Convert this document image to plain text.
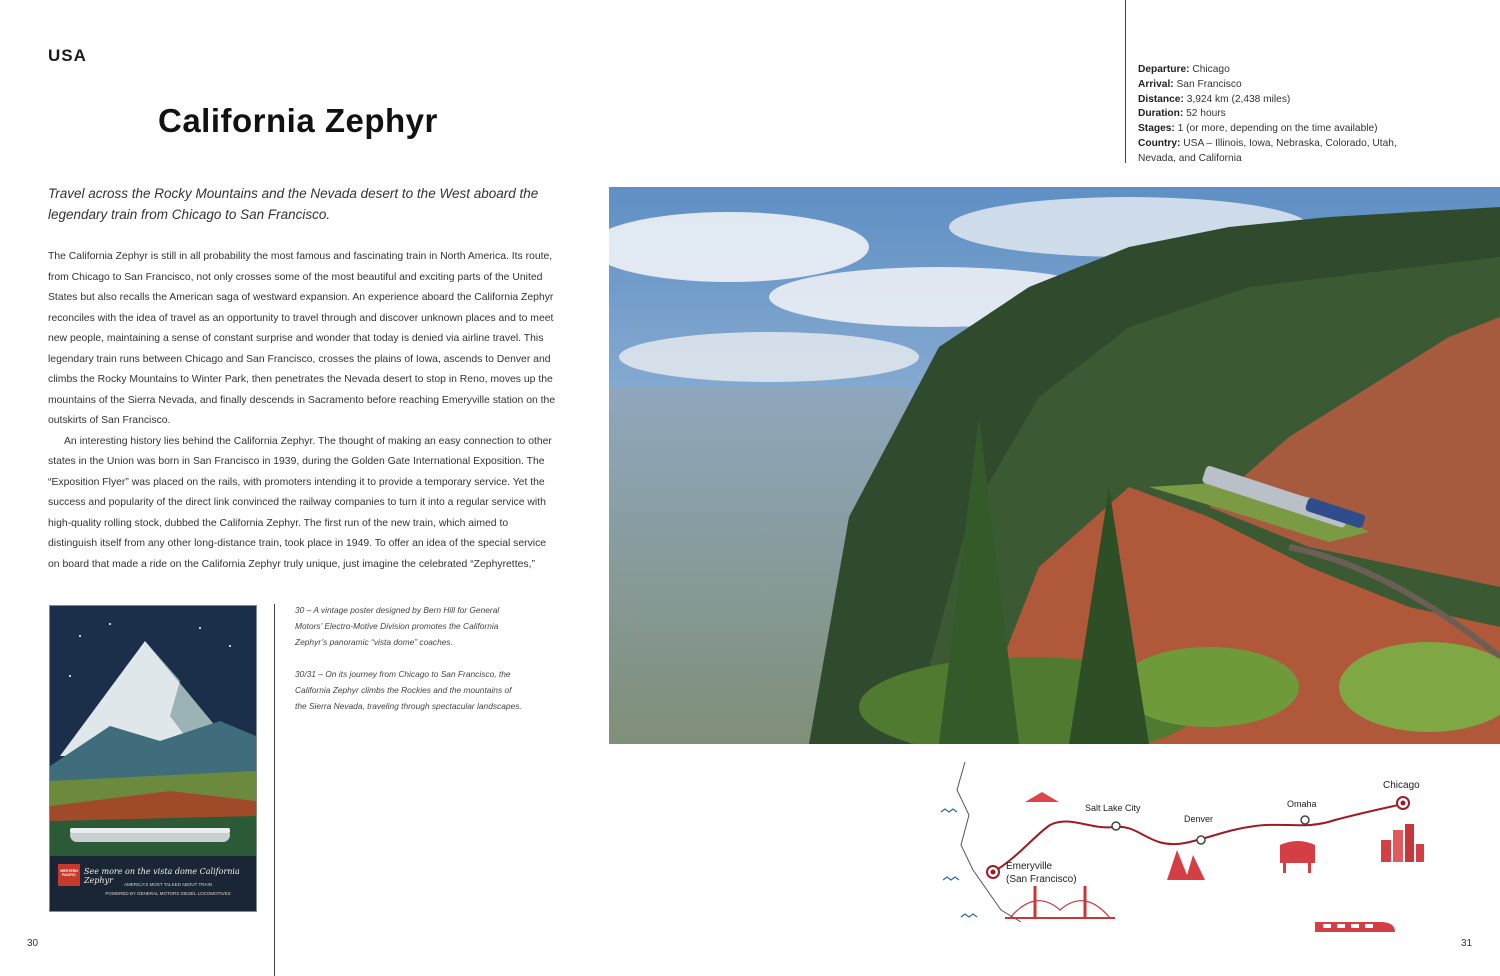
USA
California Zephyr
Travel across the Rocky Mountains and the Nevada desert to the West aboard the legendary train from Chicago to San Francisco.

The California Zephyr is still in all probability the most famous and fascinating train in North America. Its route, from Chicago to San Francisco, not only crosses some of the most beautiful and exciting parts of the United States but also recalls the American saga of westward expansion. An experience aboard the California Zephyr reconciles with the idea of travel as an opportunity to travel through and discover unknown places and to meet new people, maintaining a sense of constant surprise and wonder that today is denied via airline travel. This legendary train runs between Chicago and San Francisco, crosses the plains of Iowa, ascends to Denver and climbs the Rocky Mountains to Winter Park, then penetrates the Nevada desert to stop in Reno, moves up the mountains of the Sierra Nevada, and finally descends in Sacramento before reaching Emeryville station on the outskirts of San Francisco.

An interesting history lies behind the California Zephyr. The thought of making an easy connection to other states in the Union was born in San Francisco in 1939, during the Golden Gate International Exposition. The “Exposition Flyer” was placed on the rails, with promoters intending it to provide a temporary service. Yet the success and popularity of the direct link convinced the railway companies to turn it into a regular service with high-quality rolling stock, dubbed the California Zephyr. The first run of the new train, which aimed to distinguish itself from any other long-distance train, took place in 1949. To offer an idea of the special service on board that made a ride on the California Zephyr truly unique, just imagine the celebrated “Zephyrettes,”

Departure: Chicago
Arrival: San Francisco
Distance: 3,924 km (2,438 miles)
Duration: 52 hours
Stages: 1 (or more, depending on the time available)
Country: USA – Illinois, Iowa, Nebraska, Colorado, Utah, Nevada, and California

30 – A vintage poster designed by Bern Hill for General Motors’ Electro-Motive Division promotes the California Zephyr’s panoramic “vista dome” coaches.

30/31 – On its journey from Chicago to San Francisco, the California Zephyr climbs the Rockies and the mountains of the Sierra Nevada, traveling through spectacular landscapes.

See more on the vista dome California Zephyr	AMERICA'S MOST TALKED ABOUT TRAIN
POWERED BY GENERAL MOTORS DIESEL LOCOMOTIVES
WESTERN PACIFIC
Chicago
Omaha
Denver
Salt Lake City
Emeryville
(San Francisco)
30	31
